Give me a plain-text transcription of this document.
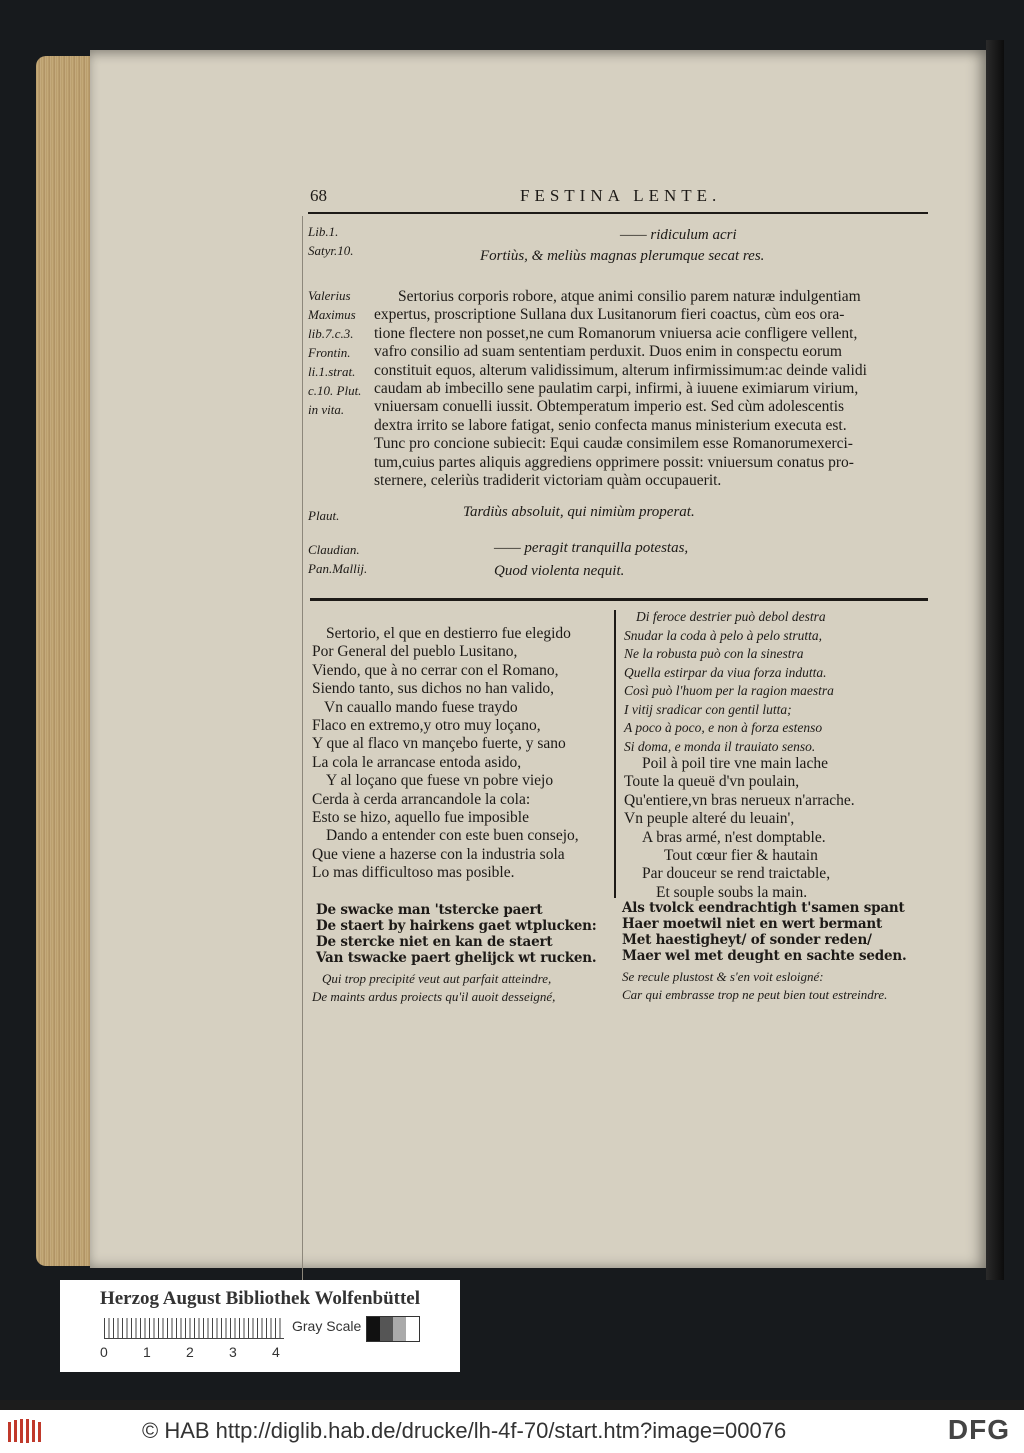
68	FESTINA LENTE.
Lib.1.
Satyr.10.
—— ridiculum acri
Fortiùs, & meliùs magnas plerumque secat res.
Valerius
Maximus
lib.7.c.3.
Frontin.
li.1.strat.
c.10. Plut.
in vita.
Sertorius corporis robore, atque animi consilio parem naturæ indulgentiam
expertus, proscriptione Sullana dux Lusitanorum fieri coactus, cùm eos ora-
tione flectere non posset,ne cum Romanorum vniuersa acie confligere vellent,
vafro consilio ad suam sententiam perduxit. Duos enim in conspectu eorum
constituit equos, alterum validissimum, alterum infirmissimum:ac deinde validi
caudam ab imbecillo sene paulatim carpi, infirmi, à iuuene eximiarum virium,
vniuersam conuelli iussit. Obtemperatum imperio est. Sed cùm adolescentis
dextra irrito se labore fatigat, senio confecta manus ministerium executa est.
Tunc pro concione subiecit: Equi caudæ consimilem esse Romanorumexerci-
tum,cuius partes aliquis aggrediens opprimere possit: vniuersum conatus pro-
sternere, celeriùs tradiderit victoriam quàm occupauerit.
Plaut.	Tardiùs absoluit, qui nimiùm properat.
Claudian.
Pan.Mallij.
—— peragit tranquilla potestas,
Quod violenta nequit.
Sertorio, el que en destierro fue elegido
Por General del pueblo Lusitano,
Viendo, que à no cerrar con el Romano,
Siendo tanto, sus dichos no han valido,
Vn cauallo mando fuese traydo
Flaco en extremo,y otro muy loçano,
Y que al flaco vn mançebo fuerte, y sano
La cola le arrancase entoda asido,
Y al loçano que fuese vn pobre viejo
Cerda à cerda arrancandole la cola:
Esto se hizo, aquello fue imposible
Dando a entender con este buen consejo,
Que viene a hazerse con la industria sola
Lo mas difficultoso mas posible.
Di feroce destrier può debol destra
Snudar la coda à pelo à pelo strutta,
Ne la robusta può con la sinestra
Quella estirpar da viua forza indutta.
Così può l'huom per la ragion maestra
I vitij sradicar con gentil lutta;
A poco à poco, e non à forza estenso
Si doma, e monda il trauiato senso.
Poil à poil tire vne main lache
Toute la queuë d'vn poulain,
Qu'entiere,vn bras nerueux n'arrache.
Vn peuple alteré du leuain',
A bras armé, n'est domptable.
Tout cœur fier & hautain
Par douceur se rend traictable,
Et souple soubs la main.
De swacke man 'tstercke paert
De staert by hairkens gaet wtplucken:
De stercke niet en kan de staert
Van tswacke paert ghelijck wt rucken.
Als tvolck eendrachtigh t'samen spant
Haer moetwil niet en wert bermant
Met haestigheyt/ of sonder reden/
Maer wel met deught en sachte seden.
Qui trop precipité veut aut parfait atteindre,
De maints ardus proiects qu'il auoit desseigné,
Se recule plustost & s'en voit esloigné:
Car qui embrasse trop ne peut bien tout estreindre.
Herzog August Bibliothek Wolfenbüttel
0	1	2	3	4
Gray Scale
© HAB http://diglib.hab.de/drucke/lh-4f-70/start.htm?image=00076	DFG
